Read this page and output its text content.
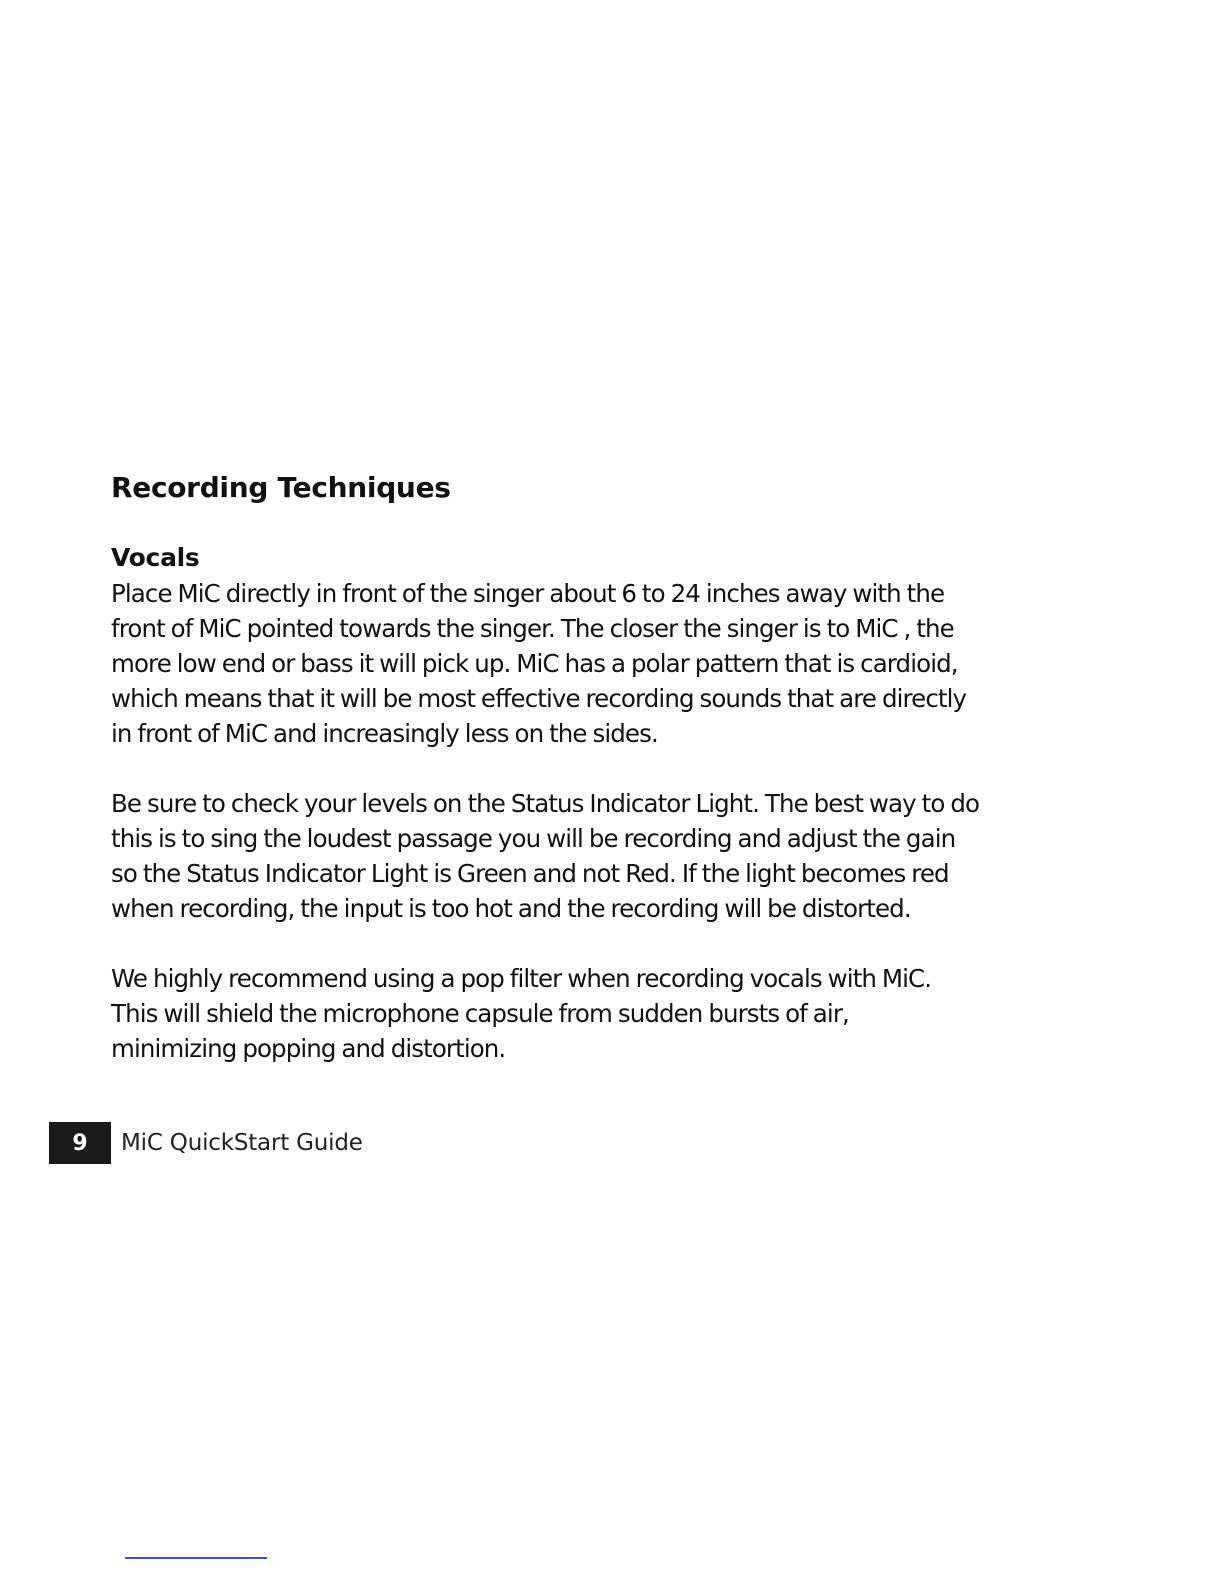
Recording Techniques
Vocals

Place MiC directly in front of the singer about 6 to 24 inches away with the
front of MiC pointed towards the singer. The closer the singer is to MiC , the
more low end or bass it will pick up. MiC has a polar pattern that is cardioid,
which means that it will be most effective recording sounds that are directly
in front of MiC and increasingly less on the sides.

Be sure to check your levels on the Status Indicator Light. The best way to do
this is to sing the loudest passage you will be recording and adjust the gain
so the Status Indicator Light is Green and not Red. If the light becomes red
when recording, the input is too hot and the recording will be distorted.

We highly recommend using a pop filter when recording vocals with MiC.
This will shield the microphone capsule from sudden bursts of air,
minimizing popping and distortion.

9	MiC QuickStart Guide
